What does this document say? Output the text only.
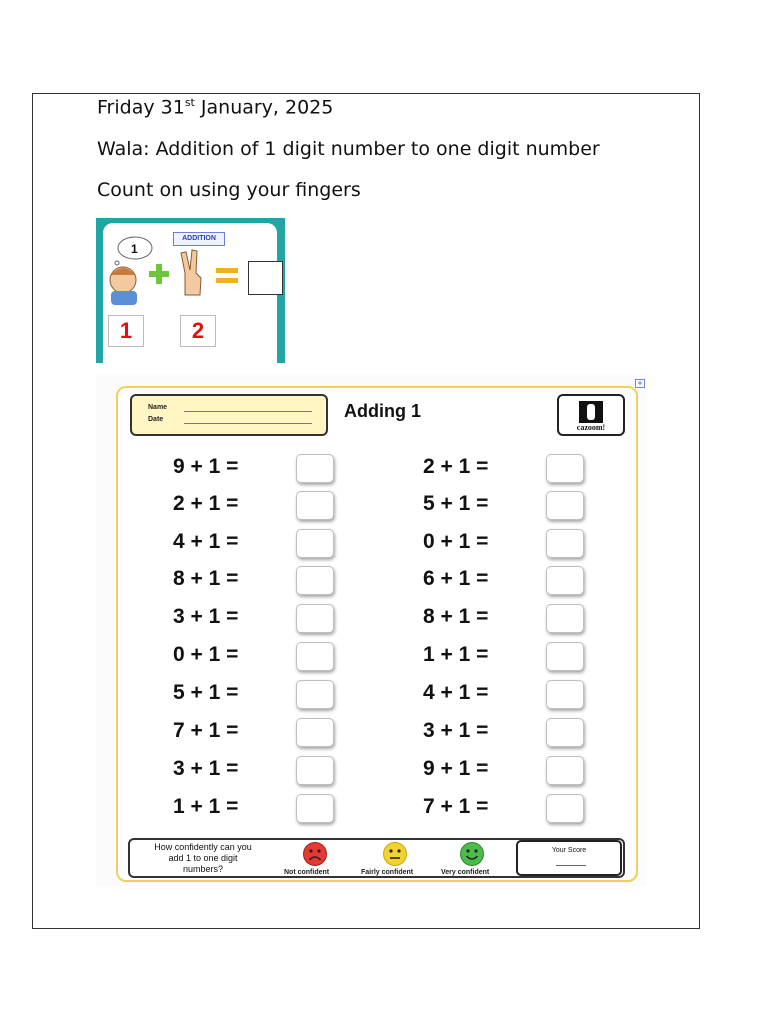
Friday 31st January, 2025
Wala: Addition of 1 digit number to one digit number
Count on using your fingers
ADDITION
1
1	2
Name
Date	Adding 1
cazoom!
9 + 1 =
2 + 1 =
4 + 1 =
8 + 1 =
3 + 1 =
0 + 1 =
5 + 1 =
7 + 1 =
3 + 1 =
1 + 1 =
2 + 1 =
5 + 1 =
0 + 1 =
6 + 1 =
8 + 1 =
1 + 1 =
4 + 1 =
3 + 1 =
9 + 1 =
7 + 1 =
How confidently can you add 1 to one digit numbers?	Not confident	Fairly confident	Very confident
Your Score
